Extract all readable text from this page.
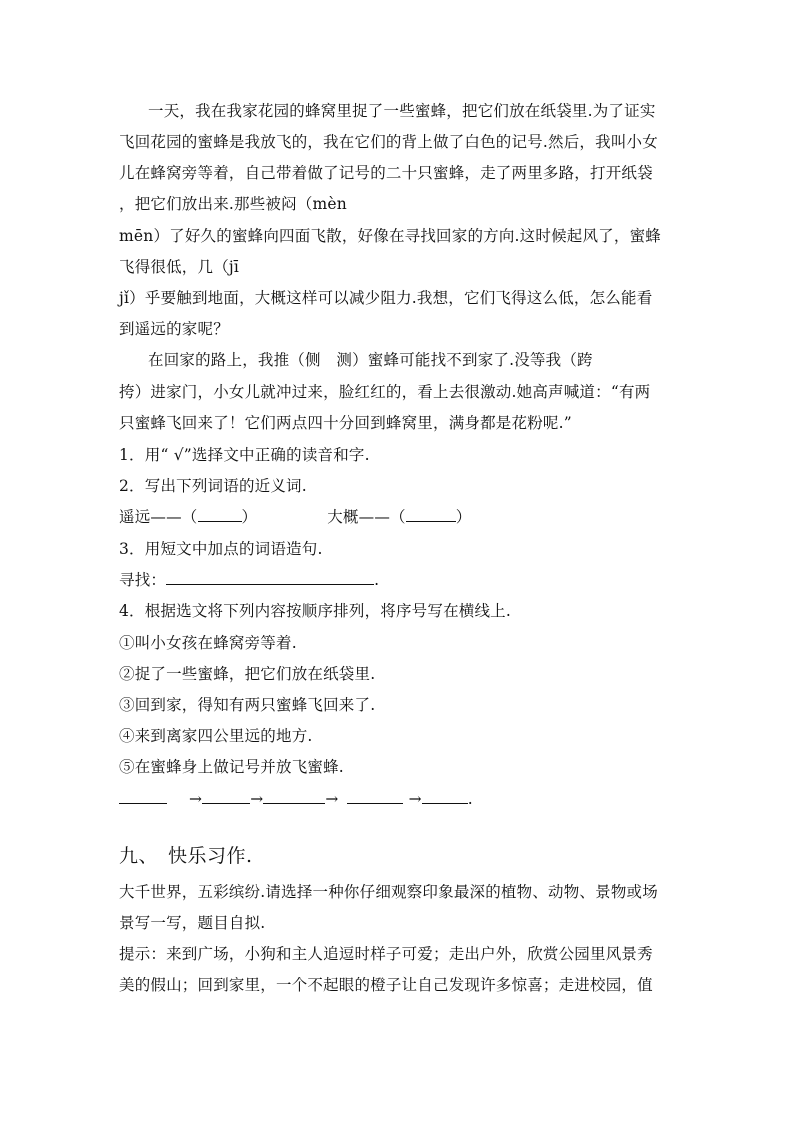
一天，我在我家花园的蜂窝里捉了一些蜜蜂，把它们放在纸袋里.为了证实
飞回花园的蜜蜂是我放飞的，我在它们的背上做了白色的记号.然后，我叫小女
儿在蜂窝旁等着，自己带着做了记号的二十只蜜蜂，走了两里多路，打开纸袋
，把它们放出来.那些被闷（mèn
mēn）了好久的蜜蜂向四面飞散，好像在寻找回家的方向.这时候起风了，蜜蜂
飞得很低，几（jī
jǐ）乎要触到地面，大概这样可以减少阻力.我想，它们飞得这么低，怎么能看
到遥远的家呢？
在回家的路上，我推（侧　测）蜜蜂可能找不到家了.没等我（跨
挎）进家门，小女儿就冲过来，脸红红的，看上去很激动.她高声喊道：“有两
只蜜蜂飞回来了！它们两点四十分回到蜂窝里，满身都是花粉呢.”
1．用“ √”选择文中正确的读音和字.
2．写出下列词语的近义词.
遥远——（	）	大概——（	）
3．用短文中加点的词语造句.
寻找：	.
4．根据选文将下列内容按顺序排列，将序号写在横线上.
①叫小女孩在蜂窝旁等着.
②捉了一些蜜蜂，把它们放在纸袋里.
③回到家，得知有两只蜜蜂飞回来了.
④来到离家四公里远的地方.
⑤在蜜蜂身上做记号并放飞蜜蜂.
→	→	→	→	.
九、　快乐习作.
大千世界，五彩缤纷.请选择一种你仔细观察印象最深的植物、动物、景物或场
景写一写，题目自拟.
提示：来到广场，小狗和主人追逗时样子可爱；走出户外，欣赏公园里风景秀
美的假山；回到家里，一个不起眼的橙子让自己发现许多惊喜；走进校园，值
